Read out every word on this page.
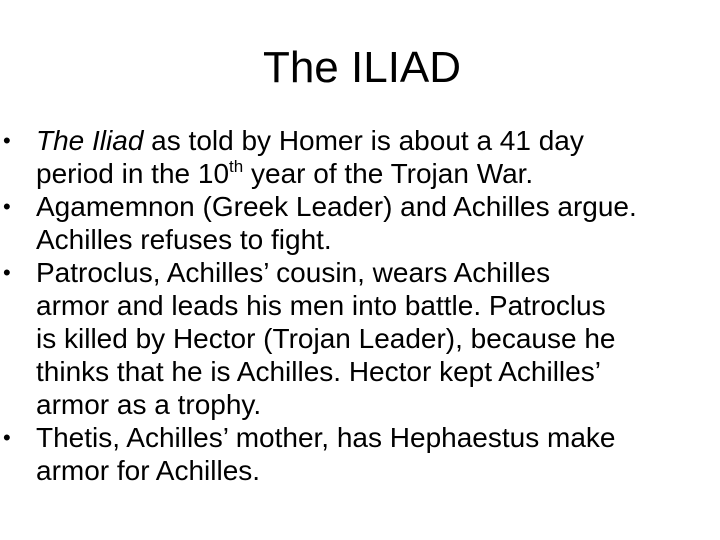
The ILIAD
• The Iliad as told by Homer is about a 41 day
period in the 10th year of the Trojan War.
• Agamemnon (Greek Leader) and Achilles argue.
Achilles refuses to fight.
• Patroclus, Achilles’ cousin, wears Achilles
armor and leads his men into battle. Patroclus
is killed by Hector (Trojan Leader), because he
thinks that he is Achilles. Hector kept Achilles’
armor as a trophy.
• Thetis, Achilles’ mother, has Hephaestus make
armor for Achilles.
